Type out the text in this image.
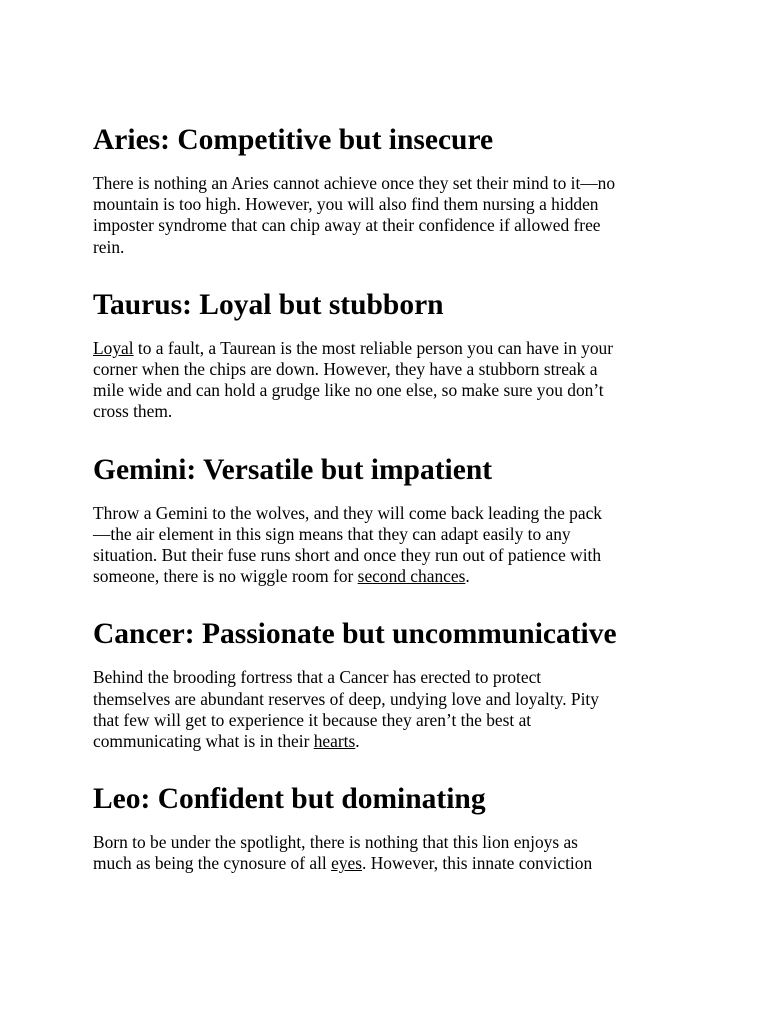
Aries: Competitive but insecure

There is nothing an Aries cannot achieve once they set their mind to it—no
mountain is too high. However, you will also find them nursing a hidden
imposter syndrome that can chip away at their confidence if allowed free
rein.

Taurus: Loyal but stubborn

Loyal to a fault, a Taurean is the most reliable person you can have in your
corner when the chips are down. However, they have a stubborn streak a
mile wide and can hold a grudge like no one else, so make sure you don’t
cross them.

Gemini: Versatile but impatient

Throw a Gemini to the wolves, and they will come back leading the pack
—the air element in this sign means that they can adapt easily to any
situation. But their fuse runs short and once they run out of patience with
someone, there is no wiggle room for second chances.

Cancer: Passionate but uncommunicative

Behind the brooding fortress that a Cancer has erected to protect
themselves are abundant reserves of deep, undying love and loyalty. Pity
that few will get to experience it because they aren’t the best at
communicating what is in their hearts.

Leo: Confident but dominating

Born to be under the spotlight, there is nothing that this lion enjoys as
much as being the cynosure of all eyes. However, this innate conviction
